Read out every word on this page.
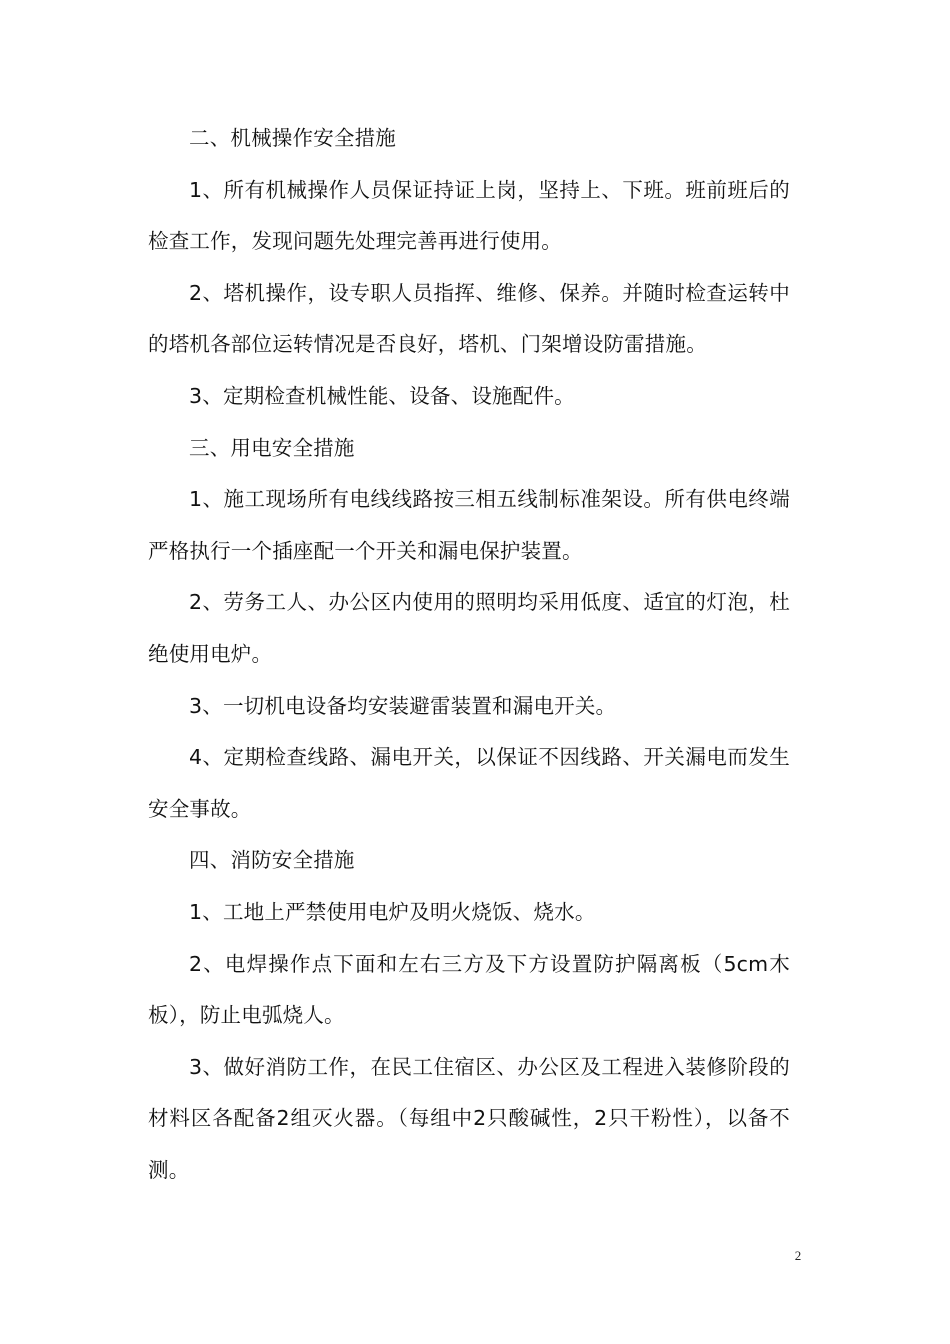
二、机械操作安全措施

1、所有机械操作人员保证持证上岗，坚持上、下班。班前班后的检查工作，发现问题先处理完善再进行使用。

2、塔机操作，设专职人员指挥、维修、保养。并随时检查运转中的塔机各部位运转情况是否良好，塔机、门架增设防雷措施。

3、定期检查机械性能、设备、设施配件。

三、用电安全措施

1、施工现场所有电线线路按三相五线制标准架设。所有供电终端严格执行一个插座配一个开关和漏电保护装置。

2、劳务工人、办公区内使用的照明均采用低度、适宜的灯泡，杜绝使用电炉。

3、一切机电设备均安装避雷装置和漏电开关。

4、定期检查线路、漏电开关，以保证不因线路、开关漏电而发生安全事故。

四、消防安全措施

1、工地上严禁使用电炉及明火烧饭、烧水。

2、电焊操作点下面和左右三方及下方设置防护隔离板（5cm木板），防止电弧烧人。

3、做好消防工作，在民工住宿区、办公区及工程进入装修阶段的材料区各配备2组灭火器。（每组中2只酸碱性，2只干粉性），以备不测。

2
